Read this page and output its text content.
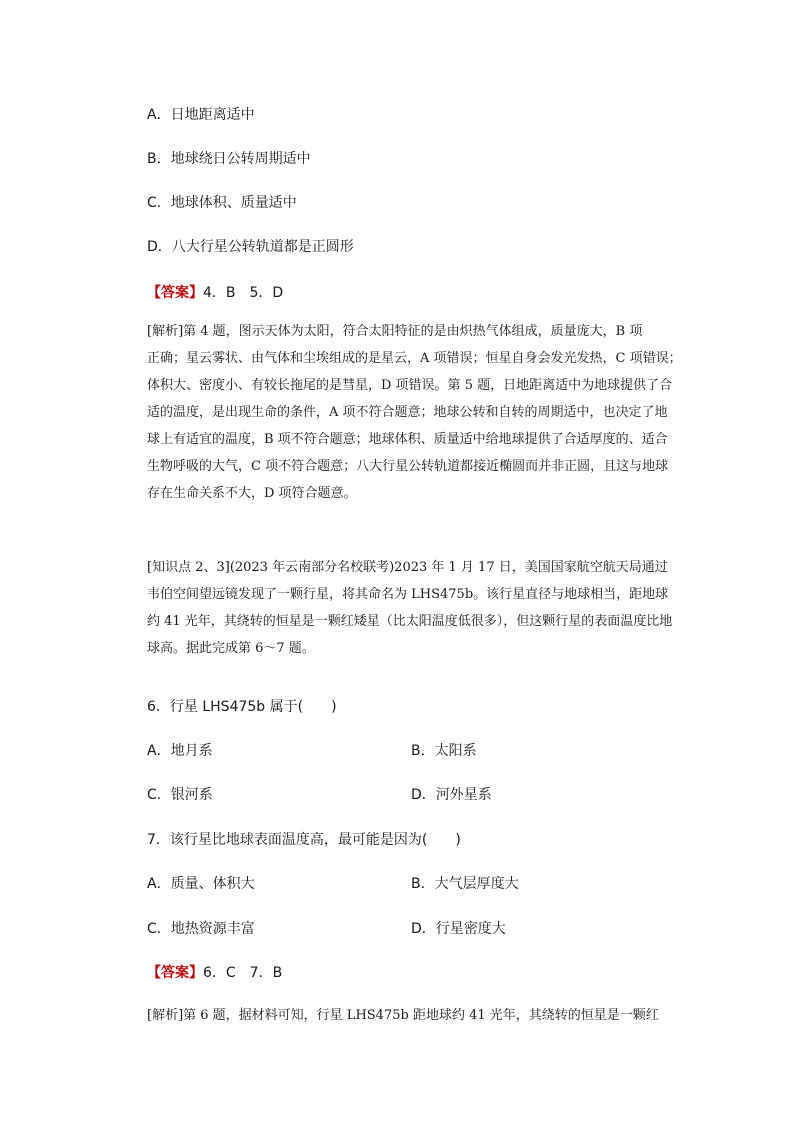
A．日地距离适中
B．地球绕日公转周期适中
C．地球体积、质量适中
D．八大行星公转轨道都是正圆形
【答案】4．B　5．D
[解析]第 4 题，图示天体为太阳，符合太阳特征的是由炽热气体组成，质量庞大，B 项
正确；星云雾状、由气体和尘埃组成的是星云，A 项错误；恒星自身会发光发热，C 项错误；
体积大、密度小、有较长拖尾的是彗星，D 项错误。第 5 题，日地距离适中为地球提供了合
适的温度，是出现生命的条件，A 项不符合题意；地球公转和自转的周期适中，也决定了地
球上有适宜的温度，B 项不符合题意；地球体积、质量适中给地球提供了合适厚度的、适合
生物呼吸的大气，C 项不符合题意；八大行星公转轨道都接近椭圆而并非正圆，且这与地球
存在生命关系不大，D 项符合题意。
[知识点 2、3](2023 年云南部分名校联考)2023 年 1 月 17 日，美国国家航空航天局通过
韦伯空间望远镜发现了一颗行星，将其命名为 LHS475b。该行星直径与地球相当，距地球
约 41 光年，其绕转的恒星是一颗红矮星（比太阳温度低很多），但这颗行星的表面温度比地
球高。据此完成第 6～7 题。
6．行星 LHS475b 属于(　　)
A．地月系	B．太阳系
C．银河系	D．河外星系
7．该行星比地球表面温度高，最可能是因为(　　)
A．质量、体积大	B．大气层厚度大
C．地热资源丰富	D．行星密度大
【答案】6．C　7．B
[解析]第 6 题，据材料可知，行星 LHS475b 距地球约 41 光年，其绕转的恒星是一颗红
